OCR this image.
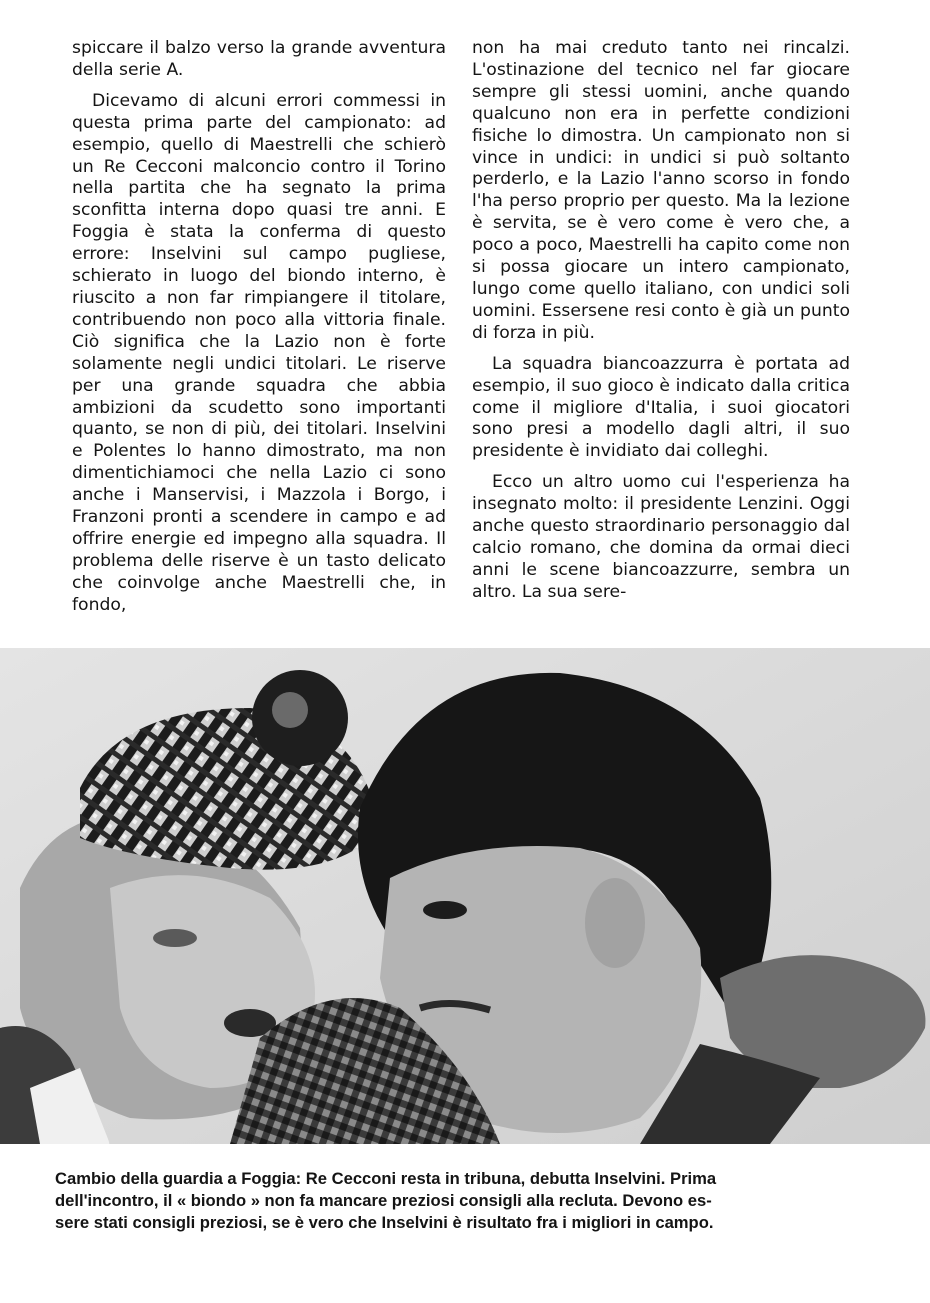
spiccare il balzo verso la grande avventura della serie A.

Dicevamo di alcuni errori commessi in questa prima parte del campionato: ad esempio, quello di Maestrelli che schierò un Re Cecconi malconcio contro il Torino nella partita che ha segnato la prima sconfitta interna dopo quasi tre anni. E Foggia è stata la conferma di questo errore: Inselvini sul campo pugliese, schierato in luogo del biondo interno, è riuscito a non far rimpiangere il titolare, contribuendo non poco alla vittoria finale. Ciò significa che la Lazio non è forte solamente negli undici titolari. Le riserve per una grande squadra che abbia ambizioni da scudetto sono importanti quanto, se non di più, dei titolari. Inselvini e Polentes lo hanno dimostrato, ma non dimentichiamoci che nella Lazio ci sono anche i Manservisi, i Mazzola i Borgo, i Franzoni pronti a scendere in campo e ad offrire energie ed impegno alla squadra. Il problema delle riserve è un tasto delicato che coinvolge anche Maestrelli che, in fondo,

non ha mai creduto tanto nei rincalzi. L'ostinazione del tecnico nel far giocare sempre gli stessi uomini, anche quando qualcuno non era in perfette condizioni fisiche lo dimostra. Un campionato non si vince in undici: in undici si può soltanto perderlo, e la Lazio l'anno scorso in fondo l'ha perso proprio per questo. Ma la lezione è servita, se è vero come è vero che, a poco a poco, Maestrelli ha capito come non si possa giocare un intero campionato, lungo come quello italiano, con undici soli uomini. Essersene resi conto è già un punto di forza in più.

La squadra biancoazzurra è portata ad esempio, il suo gioco è indicato dalla critica come il migliore d'Italia, i suoi giocatori sono presi a modello dagli altri, il suo presidente è invidiato dai colleghi.

Ecco un altro uomo cui l'esperienza ha insegnato molto: il presidente Lenzini. Oggi anche questo straordinario personaggio dal calcio romano, che domina da ormai dieci anni le scene biancoazzurre, sembra un altro. La sua sere-

Cambio della guardia a Foggia: Re Cecconi resta in tribuna, debutta Inselvini. Prima
dell'incontro, il « biondo » non fa mancare preziosi consigli alla recluta. Devono es-
sere stati consigli preziosi, se è vero che Inselvini è risultato fra i migliori in campo.
